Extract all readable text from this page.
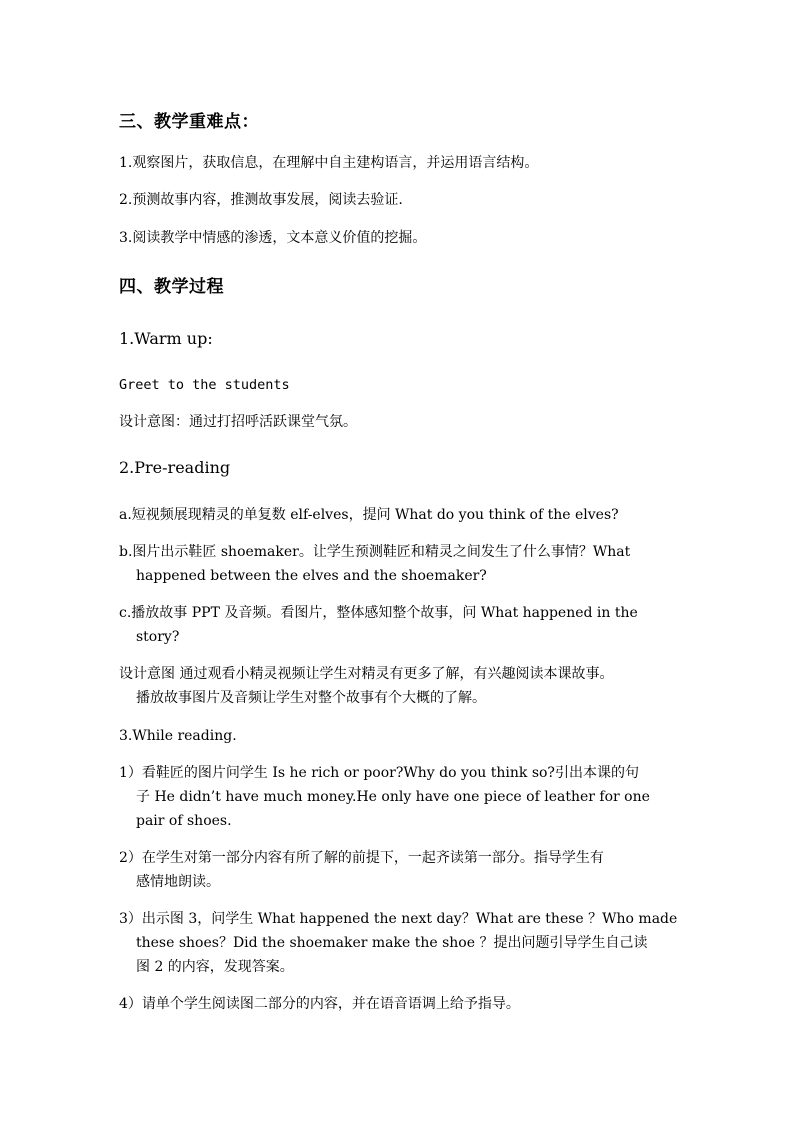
三、教学重难点：
1.观察图片，获取信息，在理解中自主建构语言，并运用语言结构。
2.预测故事内容，推测故事发展，阅读去验证.
3.阅读教学中情感的渗透，文本意义价值的挖掘。
四、教学过程
1.Warm up:
Greet to the students
设计意图：通过打招呼活跃课堂气氛。
2.Pre-reading
a.短视频展现精灵的单复数 elf-elves，提问 What do you think of the elves?
b.图片出示鞋匠 shoemaker。让学生预测鞋匠和精灵之间发生了什么事情？What
happened between the elves and the shoemaker?
c.播放故事 PPT 及音频。看图片，整体感知整个故事，问 What happened in the
story?
设计意图 通过观看小精灵视频让学生对精灵有更多了解，有兴趣阅读本课故事。
播放故事图片及音频让学生对整个故事有个大概的了解。
3.While reading.
1）看鞋匠的图片问学生 Is he rich or poor?Why do you think so?引出本课的句
子 He didn’t have much money.He only have one piece of leather for one
pair of shoes.
2）在学生对第一部分内容有所了解的前提下，一起齐读第一部分。指导学生有
感情地朗读。
3）出示图 3，问学生 What happened the next day？What are these ？Who made
these shoes？Did the shoemaker make the shoe ？提出问题引导学生自己读
图 2 的内容，发现答案。
4）请单个学生阅读图二部分的内容，并在语音语调上给予指导。
